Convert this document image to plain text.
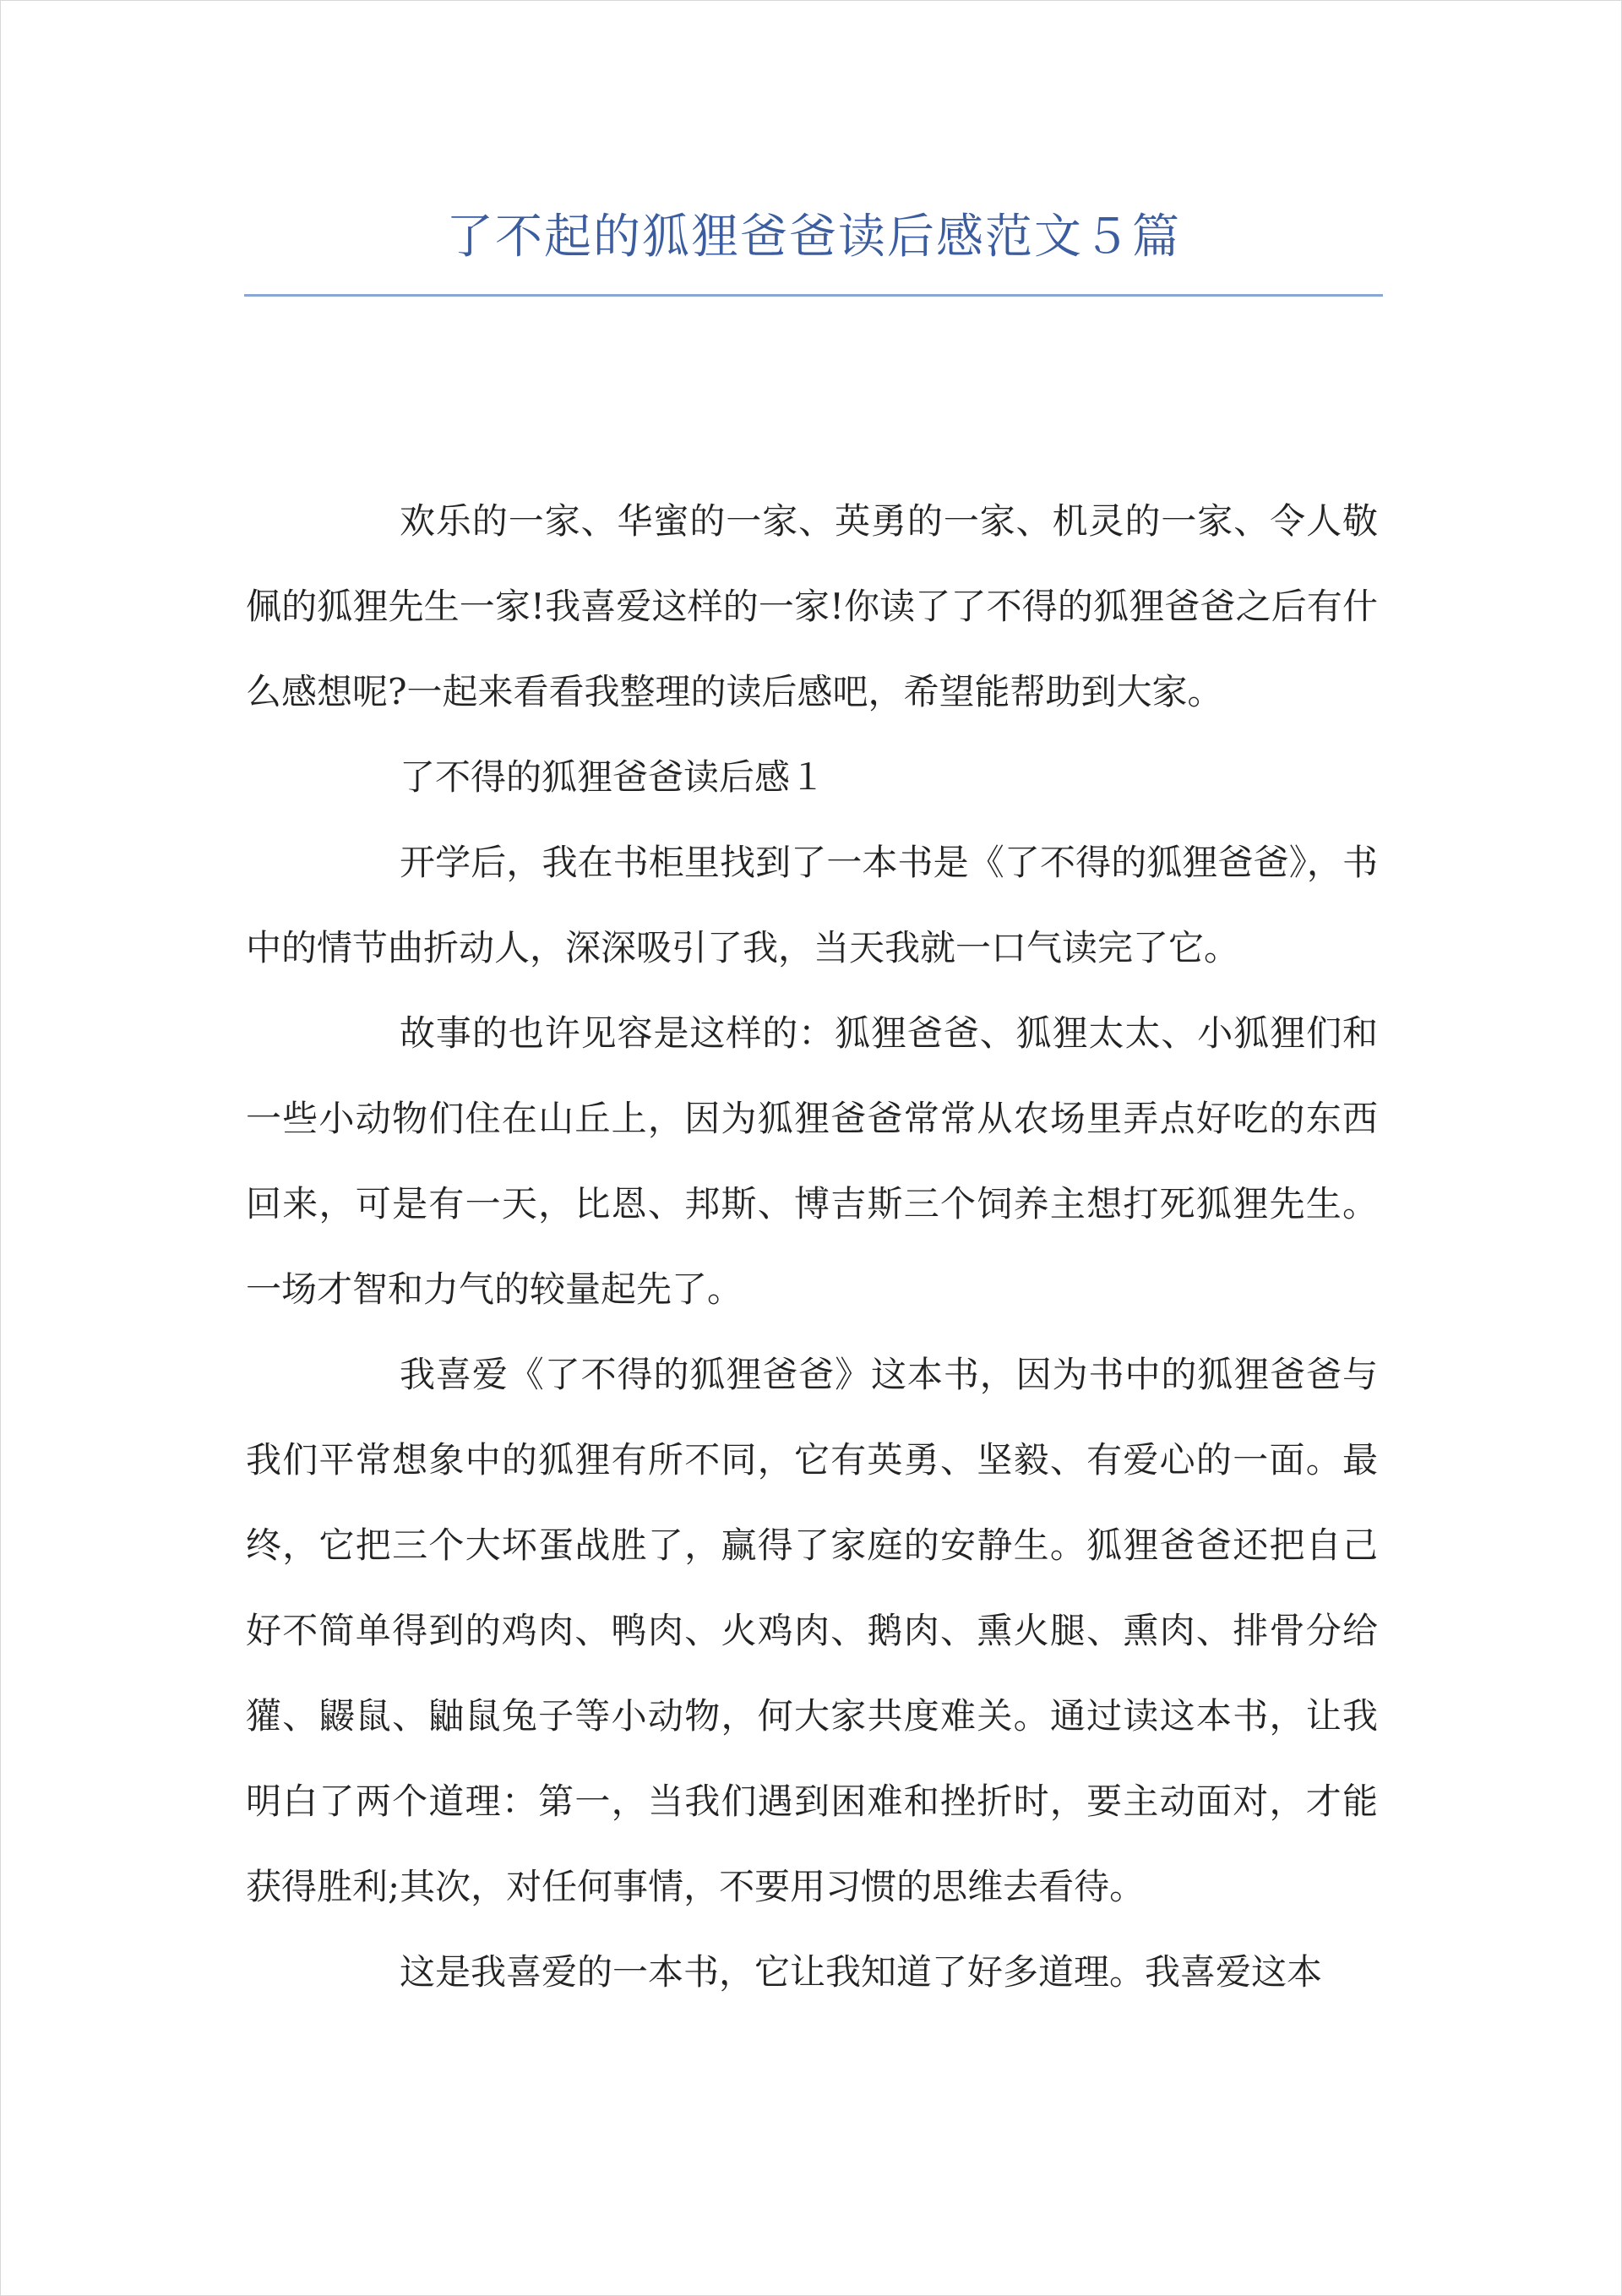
了不起的狐狸爸爸读后感范文５篇

欢乐的一家、华蜜的一家、英勇的一家、机灵的一家、令人敬佩的狐狸先生一家!我喜爱这样的一家!你读了了不得的狐狸爸爸之后有什么感想呢?一起来看看我整理的读后感吧，希望能帮助到大家。

了不得的狐狸爸爸读后感１

开学后，我在书柜里找到了一本书是《了不得的狐狸爸爸》，书中的情节曲折动人，深深吸引了我，当天我就一口气读完了它。

故事的也许见容是这样的：狐狸爸爸、狐狸太太、小狐狸们和一些小动物们住在山丘上，因为狐狸爸爸常常从农场里弄点好吃的东西回来，可是有一天，比恩、邦斯、博吉斯三个饲养主想打死狐狸先生。一场才智和力气的较量起先了。

我喜爱《了不得的狐狸爸爸》这本书，因为书中的狐狸爸爸与我们平常想象中的狐狸有所不同，它有英勇、坚毅、有爱心的一面。最终，它把三个大坏蛋战胜了，赢得了家庭的安静生。狐狸爸爸还把自己好不简单得到的鸡肉、鸭肉、火鸡肉、鹅肉、熏火腿、熏肉、排骨分给獾、鼹鼠、鼬鼠兔子等小动物，何大家共度难关。通过读这本书，让我明白了两个道理：第一，当我们遇到困难和挫折时，要主动面对，才能获得胜利;其次，对任何事情，不要用习惯的思维去看待。

这是我喜爱的一本书，它让我知道了好多道理。我喜爱这本
